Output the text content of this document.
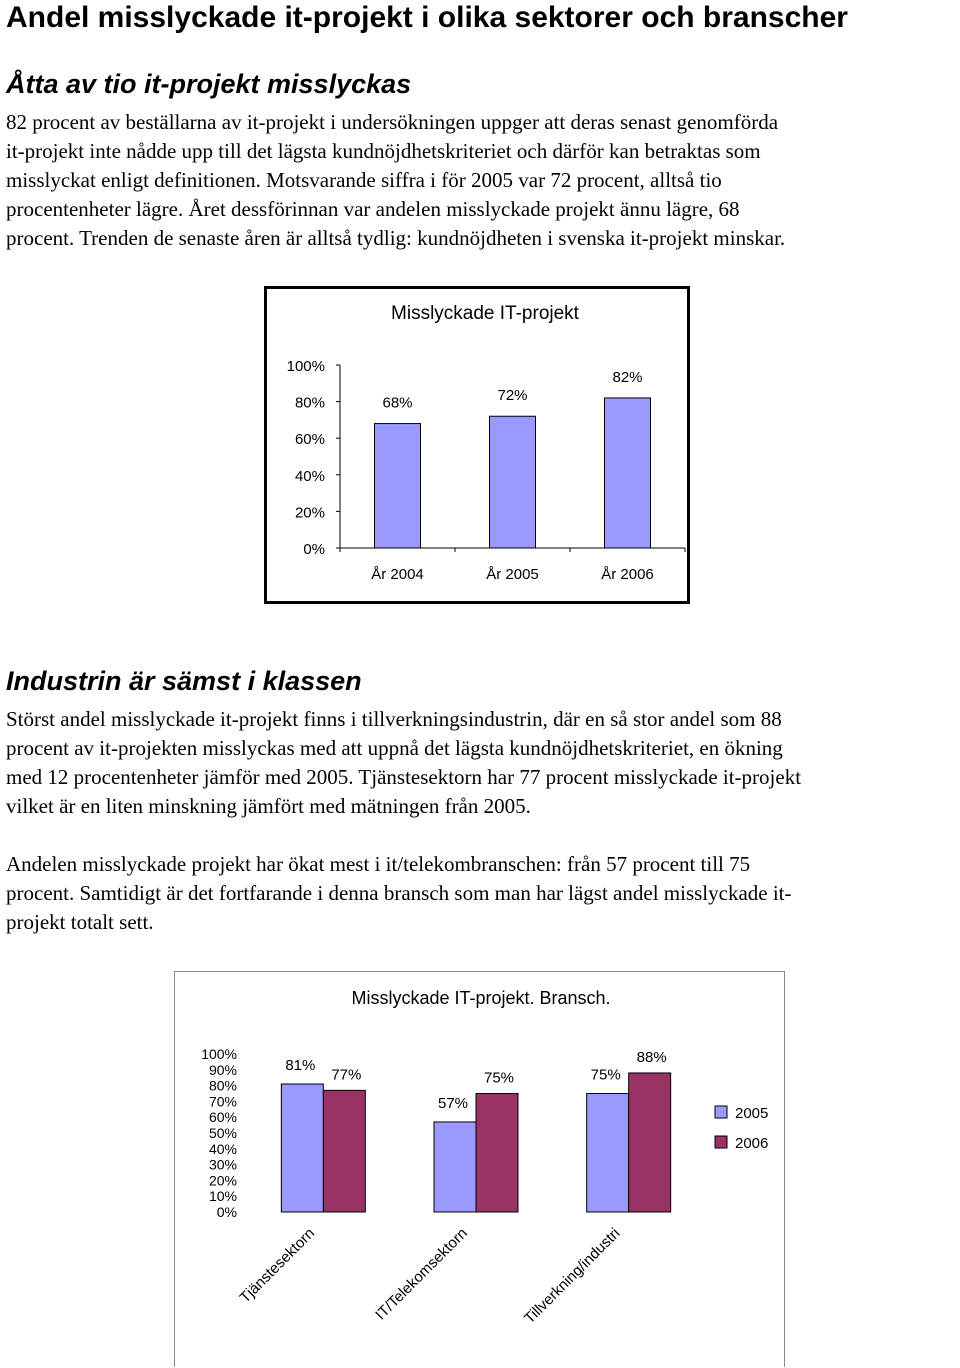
Andel misslyckade it-projekt i olika sektorer och branscher
Åtta av tio it-projekt misslyckas
82 procent av beställarna av it-projekt i undersökningen uppger att deras senast genomförda
it-projekt inte nådde upp till det lägsta kundnöjdhetskriteriet och därför kan betraktas som
misslyckat enligt definitionen. Motsvarande siffra i för 2005 var 72 procent, alltså tio
procentenheter lägre. Året dessförinnan var andelen misslyckade projekt ännu lägre, 68
procent. Trenden de senaste åren är alltså tydlig: kundnöjdheten i svenska it-projekt minskar.
Misslyckade IT-projekt
0%
20%
40%
60%
80%
100%
68%
År 2004
72%
År 2005
82%
År 2006
Industrin är sämst i klassen
Störst andel misslyckade it-projekt finns i tillverkningsindustrin, där en så stor andel som 88
procent av it-projekten misslyckas med att uppnå det lägsta kundnöjdhetskriteriet, en ökning
med 12 procentenheter jämför med 2005. Tjänstesektorn har 77 procent misslyckade it-projekt
vilket är en liten minskning jämfört med mätningen från 2005.
Andelen misslyckade projekt har ökat mest i it/telekombranschen: från 57 procent till 75
procent. Samtidigt är det fortfarande i denna bransch som man har lägst andel misslyckade it-
projekt totalt sett.
Misslyckade IT-projekt. Bransch.
0%
10%
20%
30%
40%
50%
60%
70%
80%
90%
100%
81%
77%
Tjänstesektorn
57%
75%
IT/Telekomsektorn
75%
88%
Tillverkning/industri
2005
2006
